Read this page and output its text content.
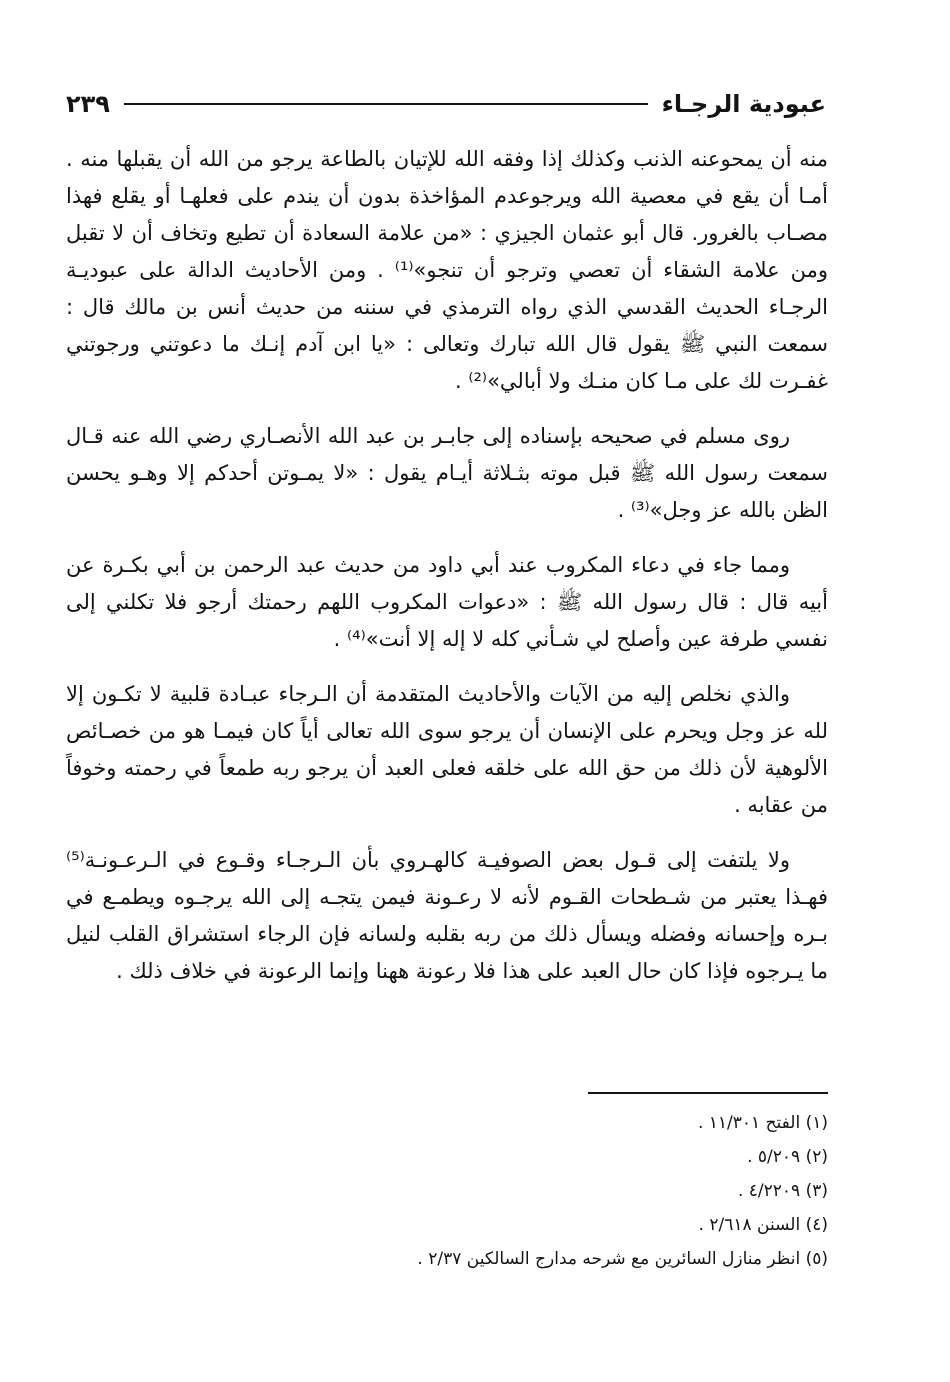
عبودية الرجـاء
٢٣٩

منه أن يمحوعنه الذنب وكذلك إذا وفقه الله للإتيان بالطاعة يرجو من الله أن يقبلها منه . أمـا أن يقع في معصية الله ويرجوعدم المؤاخذة بدون أن يندم على فعلهـا أو يقلع فهذا مصـاب بالغرور. قال أبو عثمان الجيزي : «من علامة السعادة أن تطيع وتخاف أن لا تقبل ومن علامة الشقاء أن تعصي وترجو أن تنجو»⁽¹⁾ . ومن الأحاديث الدالة على عبوديـة الرجـاء الحديث القدسي الذي رواه الترمذي في سننه من حديث أنس بن مالك قال : سمعت النبي ﷺ يقول قال الله تبارك وتعالى : «يا ابن آدم إنـك ما دعوتني ورجوتني غفـرت لك على مـا كان منـك ولا أبالي»⁽²⁾ .

روى مسلم في صحيحه بإسناده إلى جابـر بن عبد الله الأنصـاري رضي الله عنه قـال سمعت رسول الله ﷺ قبل موته بثـلاثة أيـام يقول : «لا يمـوتن أحدكم إلا وهـو يحسن الظن بالله عز وجل»⁽³⁾ .

ومما جاء في دعاء المكروب عند أبي داود من حديث عبد الرحمن بن أبي بكـرة عن أبيه قال : قال رسول الله ﷺ : «دعوات المكروب اللهم رحمتك أرجو فلا تكلني إلى نفسي طرفة عين وأصلح لي شـأني كله لا إله إلا أنت»⁽⁴⁾ .

والذي نخلص إليه من الآيات والأحاديث المتقدمة أن الـرجاء عبـادة قلبية لا تكـون إلا لله عز وجل ويحرم على الإنسان أن يرجو سوى الله تعالى أياً كان فيمـا هو من خصـائص الألوهية لأن ذلك من حق الله على خلقه فعلى العبد أن يرجو ربه طمعاً في رحمته وخوفاً من عقابه .

ولا يلتفت إلى قـول بعض الصوفيـة كالهـروي بأن الـرجـاء وقـوع في الـرعـونـة⁽⁵⁾ فهـذا يعتبر من شـطحات القـوم لأنه لا رعـونة فيمن يتجـه إلى الله يرجـوه ويطمـع في بـره وإحسانه وفضله ويسأل ذلك من ربه بقلبه ولسانه فإن الرجاء استشراق القلب لنيل ما يـرجوه فإذا كان حال العبد على هذا فلا رعونة ههنا وإنما الرعونة في خلاف ذلك .

(١) الفتح ١١/٣٠١ .

(٢) ٥/٢٠٩ .

(٣) ٤/٢٢٠٩ .

(٤) السنن ٢/٦١٨ .

(٥) انظر منازل السائرين مع شرحه مدارج السالكين ٢/٣٧ .
